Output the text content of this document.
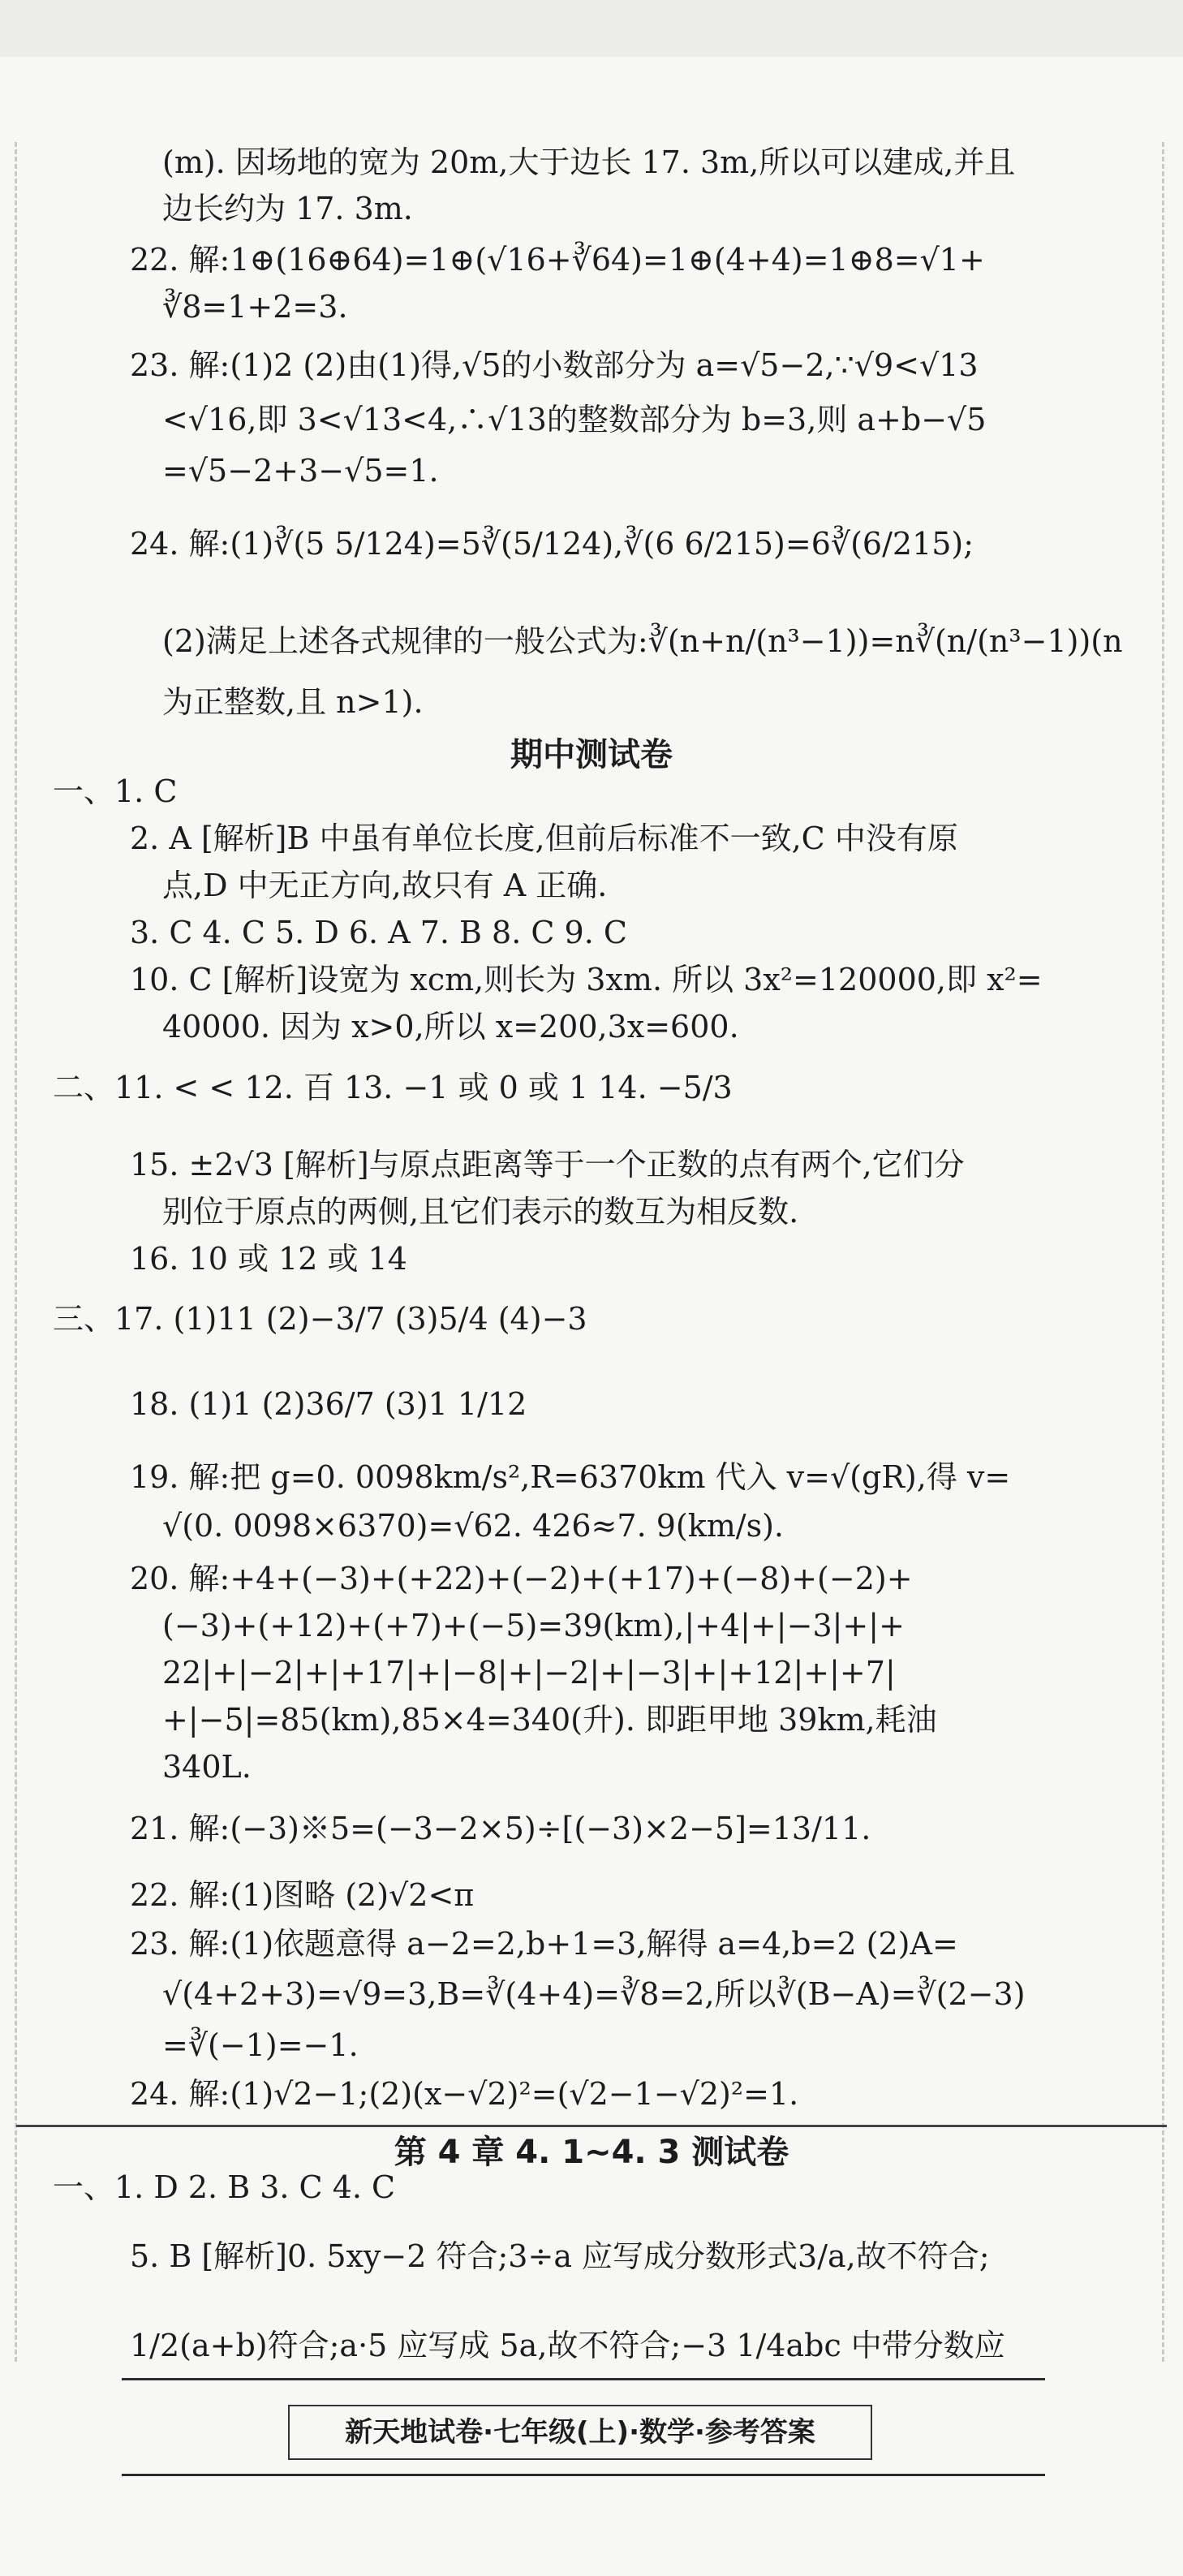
(m). 因场地的宽为 20m,大于边长 17. 3m,所以可以建成,并且
边长约为 17. 3m.
22. 解:1⊕(16⊕64)=1⊕(√16+∛64)=1⊕(4+4)=1⊕8=√1+
∛8=1+2=3.
23. 解:(1)2 (2)由(1)得,√5的小数部分为 a=√5−2,∵√9<√13
<√16,即 3<√13<4,∴√13的整数部分为 b=3,则 a+b−√5
=√5−2+3−√5=1.
24. 解:(1)∛(5 5/124)=5∛(5/124),∛(6 6/215)=6∛(6/215);
(2)满足上述各式规律的一般公式为:∛(n+n/(n³−1))=n∛(n/(n³−1))(n
为正整数,且 n>1).
一、1. C
2. A [解析]B 中虽有单位长度,但前后标准不一致,C 中没有原
点,D 中无正方向,故只有 A 正确.
3. C 4. C 5. D 6. A 7. B 8. C 9. C
10. C [解析]设宽为 xcm,则长为 3xm. 所以 3x²=120000,即 x²=
40000. 因为 x>0,所以 x=200,3x=600.
二、11. < < 12. 百 13. −1 或 0 或 1 14. −5/3
15. ±2√3 [解析]与原点距离等于一个正数的点有两个,它们分
别位于原点的两侧,且它们表示的数互为相反数.
16. 10 或 12 或 14
三、17. (1)11 (2)−3/7 (3)5/4 (4)−3
18. (1)1 (2)36/7 (3)1 1/12
19. 解:把 g=0. 0098km/s²,R=6370km 代入 v=√(gR),得 v=
√(0. 0098×6370)=√62. 426≈7. 9(km/s).
20. 解:+4+(−3)+(+22)+(−2)+(+17)+(−8)+(−2)+
(−3)+(+12)+(+7)+(−5)=39(km),|+4|+|−3|+|+
22|+|−2|+|+17|+|−8|+|−2|+|−3|+|+12|+|+7|
+|−5|=85(km),85×4=340(升). 即距甲地 39km,耗油
340L.
21. 解:(−3)※5=(−3−2×5)÷[(−3)×2−5]=13/11.
22. 解:(1)图略 (2)√2<π
23. 解:(1)依题意得 a−2=2,b+1=3,解得 a=4,b=2 (2)A=
√(4+2+3)=√9=3,B=∛(4+4)=∛8=2,所以∛(B−A)=∛(2−3)
=∛(−1)=−1.
24. 解:(1)√2−1;(2)(x−√2)²=(√2−1−√2)²=1.
一、1. D 2. B 3. C 4. C
5. B [解析]0. 5xy−2 符合;3÷a 应写成分数形式3/a,故不符合;
1/2(a+b)符合;a·5 应写成 5a,故不符合;−3 1/4abc 中带分数应
期中测试卷
第 4 章 4. 1~4. 3 测试卷
新天地试卷·七年级(上)·数学·参考答案
